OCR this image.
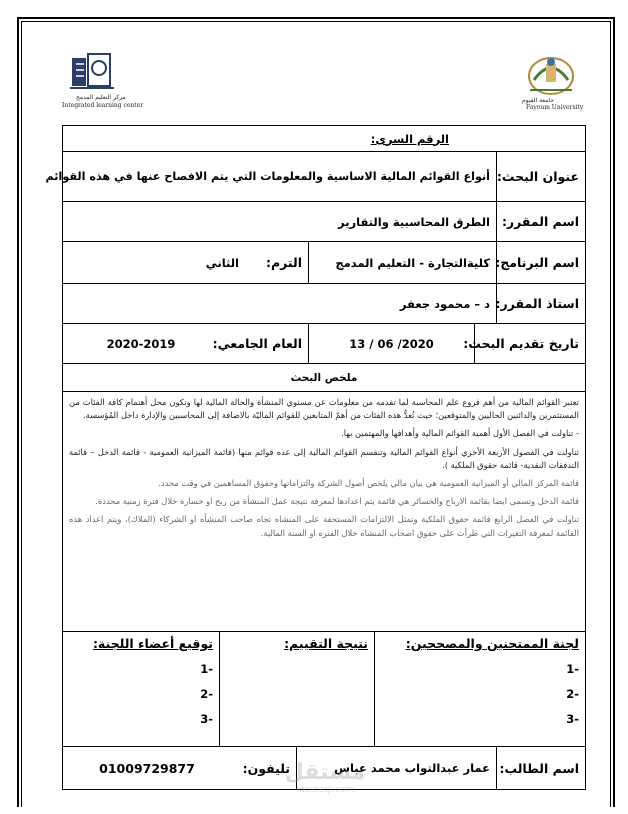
جامعة الفيوم
Fayoum University
مركز التعليم المدمج
Integrated learning center
الرقم السرى:
عنوان البحث:
أنواع القوائم المالية الاساسية والمعلومات التي يتم الافصاح عنها في هذه القوائم
اسم المقرر:
الطرق المحاسبية والتقارير
اسم البرنامج:
كليةالتجارة - التعليم المدمج
الترم:
الثاني
استاذ المقرر:
د – محمود جعفر
تاريخ تقديم البحث:
13 / 06 /2020
العام الجامعي:
2020-2019
ملخص البحث

تعتبر القوائم المالية من أهم فروع علم المحاسبة لما تقدمه من معلومات عن مستوي المنشأة والحالة المالية لها وتكون محل أهتمام كافة الفئات من المستثمرين والدائنين الحاليين والمتوقعين؛ حيث تُعدُّ هذه الفئات من أهمّ المتابعين للقوائم الماليّة بالاضافة إلى المحاسبين والإدارة داخل المُؤسسة.

- تناولت في الفصل الأول أهمية القوائم المالية وأهدافها والمهتمين بها.

تناولت في الفصول الأربعة الأخري أنواع القوائم المالية وتنقسم القوائم المالية إلى عده قوائم منها (قائمة الميزانية العمومية - قائمة الدخل – قائمة التدفقات النقدية- قائمة حقوق الملكية ).

قائمة المركز المالي أو الميزانية العمومية هي بيان مالي يلخص أصول الشركة والتزاماتها وحقوق المساهمين في وقت محدد.

قائمة الدخل وتسمى ايضا بقائمة الارباح والخسائر هي قائمة يتم اعدادها لمعرفة نتيجة عمل المنشأة من ربح او خسارة خلال فترة زمنية محددة.

تناولت في الفصل الرابع قائمة حقوق الملكية وتمثل الالتزامات المستحقة على المنشاه تجاه صاحب المنشأه او الشركاء (الملاك)، ويتم اعداد هذه القائمة لمعرفة التغيرات التي طرأت على حقوق اصحاب المنشاه خلال الفتره او السنة المالية.

لجنة الممتحنين والمصححين:
1-
2-
3-
نتيجة التقييم:
توقيع أعضاء اللجنة:
1-
2-
3-
اسم الطالب:
عمار عبدالتواب محمد عباس
تليفون:
01009729877	مستقل
mostaql.com
